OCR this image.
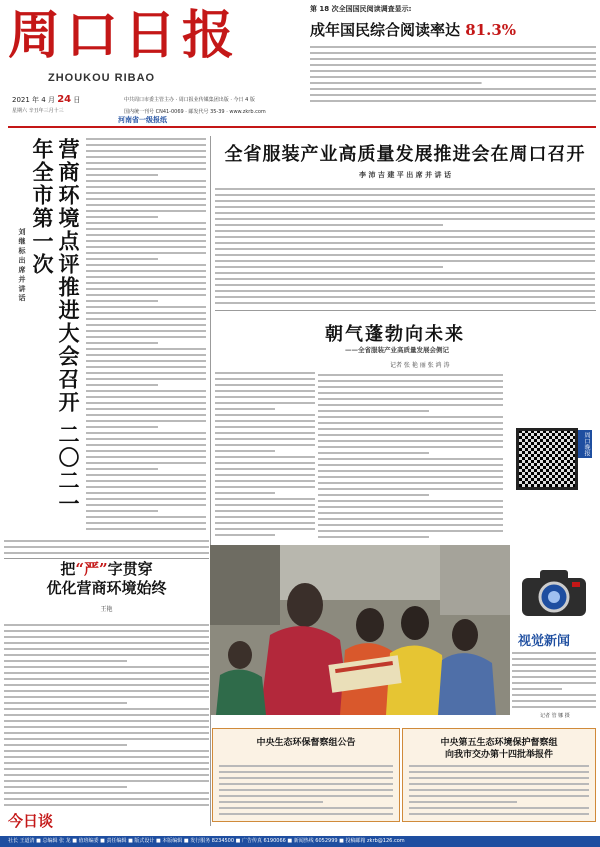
周口日报
ZHOUKOU RIBAO
2021 年 4 月 24 日
星期六 辛丑年三月十三
中共周口市委主管主办 · 周口报业传媒集团出版 · 今日 4 版
国内统一刊号 CN41-0069 · 邮发代号 35-39 · www.zkrb.com
河南省一级报纸
第 18 次全国国民阅读调查显示:
成年国民综合阅读率达 81.3%
营商环境点评推进大会召开 二〇二一年全市第一次
刘 继 标 出 席 并 讲 话
把“严”字贯穿
优化营商环境始终
王艳
全省服装产业高质量发展推进会在周口召开
李 沛 吉 建 平 出 席 并 讲 话
朝气蓬勃向未来
——全省服装产业高质量发展会侧记
记者 张 艳 丽 张 鸿 涛
周口晚报
视觉新闻
记者 管 娜 摄
中央生态环保督察组公告	中央第五生态环境保护督察组
向我市交办第十四批举报件
今日谈
社长 王道清 ■ 总编辑 张 龙 ■ 值班编委 ■ 责任编辑 ■ 版式设计 ■ 本版编辑 ■ 发行服务 8234500 ■ 广告传真 6190066 ■ 新闻热线 6052999 ■ 投稿邮箱 zkrb@126.com
